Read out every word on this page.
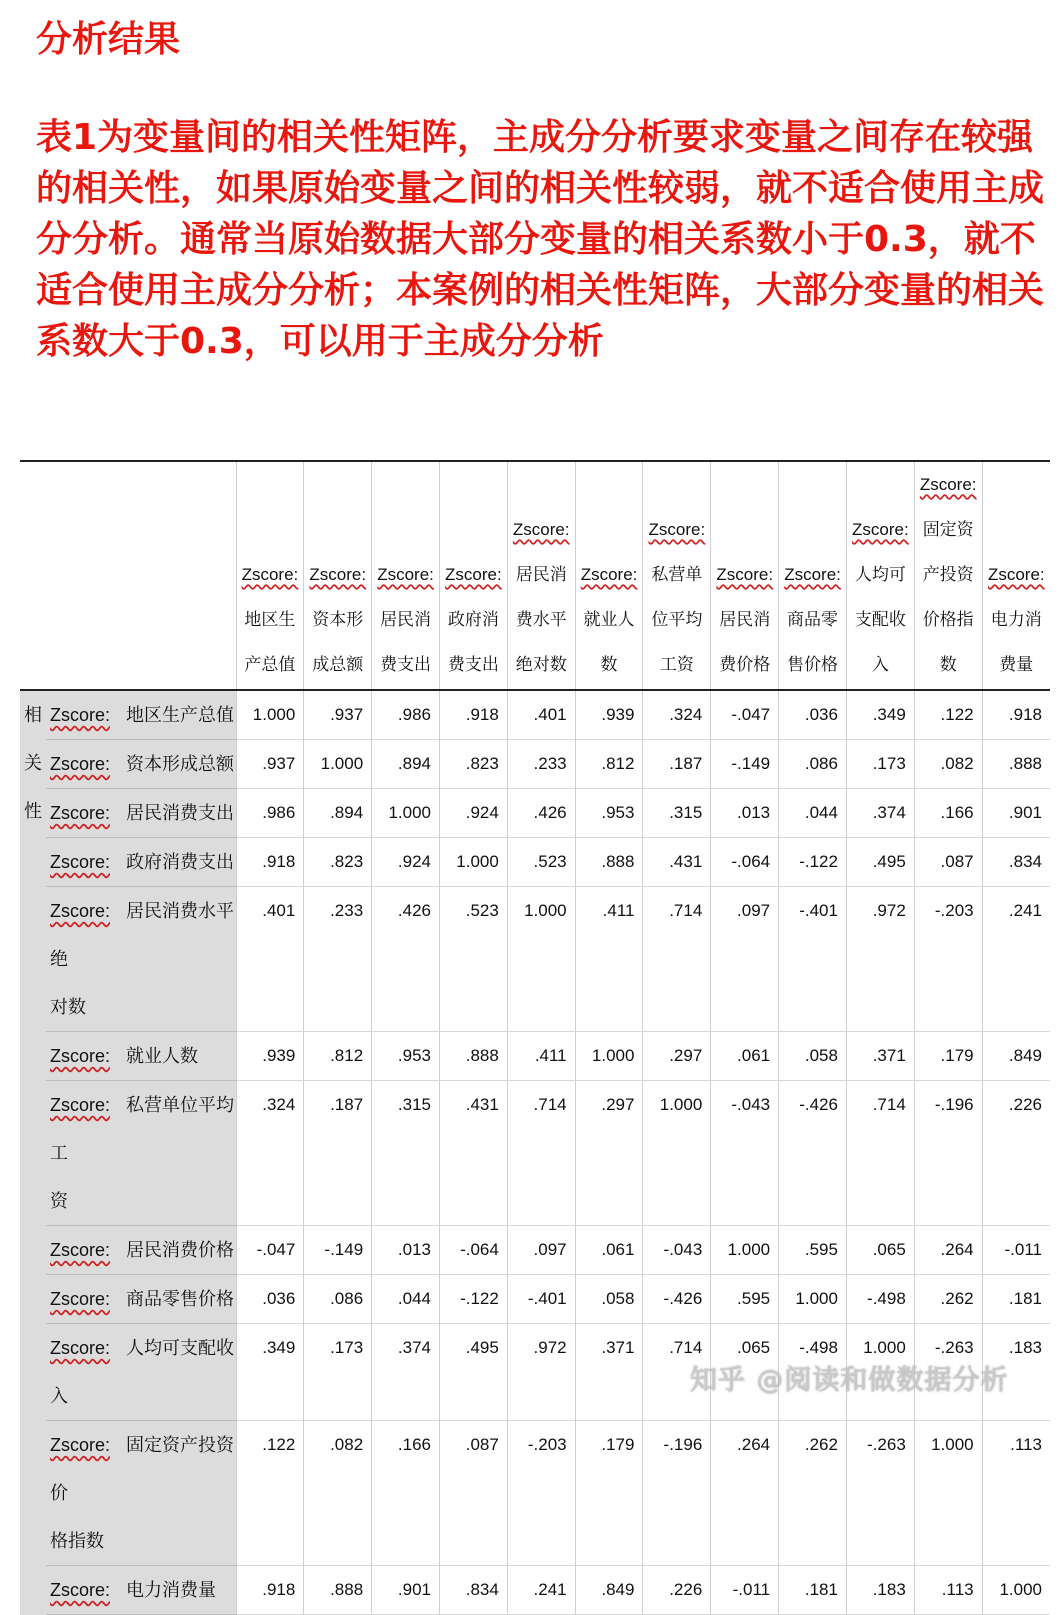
分析结果

表1为变量间的相关性矩阵，主成分分析要求变量之间存在较强的相关性，如果原始变量之间的相关性较弱，就不适合使用主成分分析。通常当原始数据大部分变量的相关系数小于0.3，就不适合使用主成分分析；本案例的相关性矩阵，大部分变量的相关系数大于0.3，可以用于主成分分析

		Zscore:
地区生
产总值	Zscore:
资本形
成总额	Zscore:
居民消
费支出	Zscore:
政府消
费支出	Zscore:
居民消
费水平
绝对数	Zscore:
就业人
数	Zscore:
私营单
位平均
工资	Zscore:
居民消
费价格	Zscore:
商品零
售价格	Zscore:
人均可
支配收
入	Zscore:
固定资
产投资
价格指
数	Zscore:
电力消
费量

相
关
性	Zscore: 地区生产总值	1.000	.937	.986	.918	.401	.939	.324	-.047	.036	.349	.122	.918
	Zscore: 资本形成总额	.937	1.000	.894	.823	.233	.812	.187	-.149	.086	.173	.082	.888
	Zscore: 居民消费支出	.986	.894	1.000	.924	.426	.953	.315	.013	.044	.374	.166	.901
	Zscore: 政府消费支出	.918	.823	.924	1.000	.523	.888	.431	-.064	-.122	.495	.087	.834
	Zscore: 居民消费水平绝
对数	.401	.233	.426	.523	1.000	.411	.714	.097	-.401	.972	-.203	.241
	Zscore: 就业人数	.939	.812	.953	.888	.411	1.000	.297	.061	.058	.371	.179	.849
	Zscore: 私营单位平均工
资	.324	.187	.315	.431	.714	.297	1.000	-.043	-.426	.714	-.196	.226
	Zscore: 居民消费价格	-.047	-.149	.013	-.064	.097	.061	-.043	1.000	.595	.065	.264	-.011
	Zscore: 商品零售价格	.036	.086	.044	-.122	-.401	.058	-.426	.595	1.000	-.498	.262	.181
	Zscore: 人均可支配收入	.349	.173	.374	.495	.972	.371	.714	.065	-.498	1.000	-.263	.183
	Zscore: 固定资产投资价
格指数	.122	.082	.166	.087	-.203	.179	-.196	.264	.262	-.263	1.000	.113
	Zscore: 电力消费量	.918	.888	.901	.834	.241	.849	.226	-.011	.181	.183	.113	1.000
知乎 @阅读和做数据分析
